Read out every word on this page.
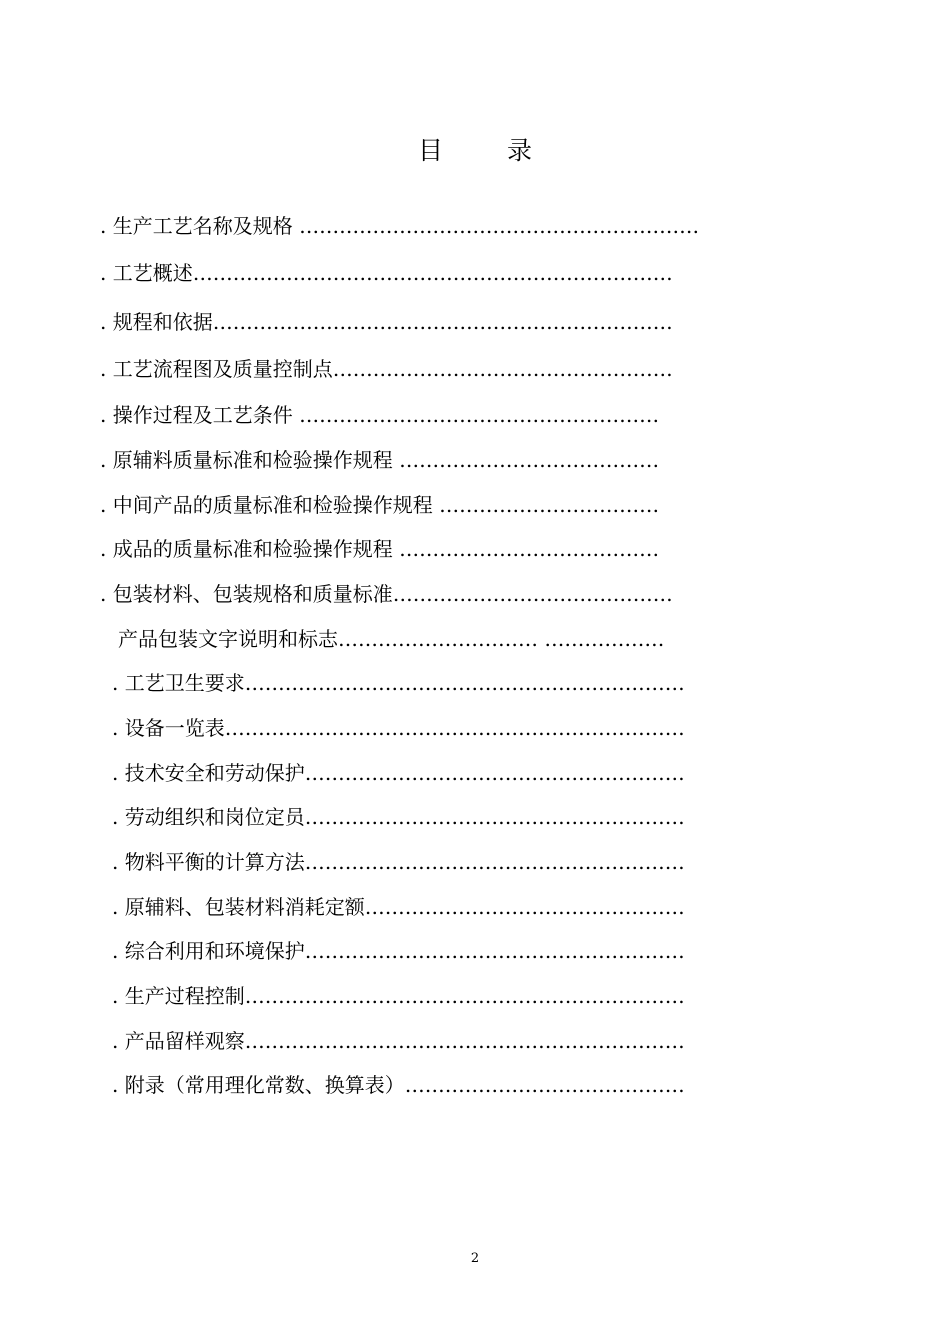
目	录
. 生产工艺名称及规格 ……………………………………………………
. 工艺概述………………………………………………………………
. 规程和依据……………………………………………………………
. 工艺流程图及质量控制点……………………………………………
. 操作过程及工艺条件 ………………………………………………
. 原辅料质量标准和检验操作规程 …………………………………
. 中间产品的质量标准和检验操作规程 ……………………………
. 成品的质量标准和检验操作规程 …………………………………
. 包装材料、包装规格和质量标准……………………………………
产品包装文字说明和标志………………………… ………………
. 工艺卫生要求…………………………………………………………
. 设备一览表……………………………………………………………
. 技术安全和劳动保护…………………………………………………
. 劳动组织和岗位定员…………………………………………………
. 物料平衡的计算方法…………………………………………………
. 原辅料、包装材料消耗定额…………………………………………
. 综合利用和环境保护…………………………………………………
. 生产过程控制…………………………………………………………
. 产品留样观察…………………………………………………………
. 附录（常用理化常数、换算表）……………………………………
2
